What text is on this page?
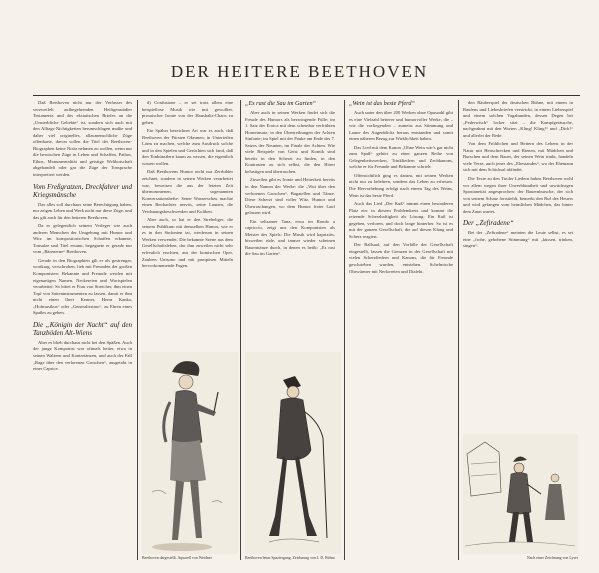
DER HEITERE BEETHOVEN

Daß Beethoven nicht nur der Verfasser des verzweifelt aufbegehrenden Heiligenstädter Testaments und des ekstatischen Briefes an die „Unsterbliche Geliebte“ ist, sondern sich auch mit den Alltags-Nichtigkeiten herumschlagen mußte und daher viel originelles, allzumenschliche Züge offenbarte, davon sollen die Titel der Beethoven-Biographen keine Notiz nehmen zu wollen, wenn nur die heroischen Züge in Leben und Schaffen, Pathos, Ethos, Monumentalität und geistige Weltbotschaft abgehandelt oder gar die Züge der Tonsprache interpretiert werden.

Vom Freßgratzen, Dreckfahrer und Kriegsmänsche

Das alles soll durchaus seine Berechtigung haben, nur zeigen Leben und Werk nicht nur diese Züge, und das gilt auch für den heiteren Beethoven.

Da er gelegentlich seinem Verleger wie auch anderen Menschen der Umgebung mit Humor und Witz im kompositorischen Schaffen erkannte, Tonsalze und Titel ersann, begegnete er gerade nur vom „Bärenerne“ Beethoven.

Gerade in den Biographien gilt er als gestrenger, wortkarg, verschroben, lieb mit Freunden der großen Komponisten: Bekannte und Freunde werden mit eigenartigen Namen, Neckereien und Wortspielen verarbeitet. So bittet er Frau von Streicher, ihm einen Topf von Saiteninstrumenten zu lassen, damit er ihm nicht einen Ihrer Kenner, Herrn Kanka, „Hofmusikus“ oder „Generalissimo“, zu Ehren eines Spaßes zu geben.

Die „Königin der Nacht“ auf den Tanzböden Alt-Wiens

Aber es blieb durchaus nicht bei den Späßen. Auch der junge Komponist war oftmals heiter, etwa in seinen Walzern und Kontretänzen, und auch der Fall „Rage über den verlorenen Groschen“, ausgetobt in einer Caprice.

d) Confusione – er sei trotz allem eine beispiellose Musik wie mit gewollter, prosaischer Ironie von der Haushalts-Chaos zu geben.

Ein Späher bezeichnet Art war es auch, daß Beethoven der Fürsten Okeanen, in Unterteilen Lärm zu machen, welche zum Ausdruck solche und in den Spielen und Gerüchten sich fand, daß den Tonkünstlern kaum zu wissen, die eigentlich wissen wollen.

Daß Beethovens Humor nicht nur Zerrbilder zeichnet, sondern in seinen Werken verarbeitet war, beweisen die aus der letzten Zeit übernommenen, sogenannten Konversationshefte: Seine Wasserscheu machte einen Beobachter nervös, seine Launen, die Verdauungsbeschwerden und Koliken.

Aber auch, so hat er den Strebeliger, die seinem Publikum mit demselben Humor, wie er es in den Sinfonien tat, wiederum in seinen Werken verwendet. Die bekannte Szene aus dem Gesellschaftsleben, das ihm zuweilen nicht sehr erfreulich erschien, aus der komischen Oper, Zaubers Unisono und mit pompösen Mitteln hervorkommende Fugen.

Beethoven dargestellt. Aquarell von Weidner
„Es rast die Sau im Garten“

Aber auch in seinen Werken findet sich die Freude des Humors als bezwingende Fülle: im 1. Satz der Eroica mit dem scheinbar verfrühten Horneinsatz; in den Übertreibungen der Achten Sinfonie; im Spiel mit der Pauke am Ende des 7. Satzes der Neunten, im Finale der Achten. Wie viele Beispiele von Geist und Komik sind bereits in den Scherzi zu finden, in den Kontrasten zu sich selbst, die den Hörer belustigen und überraschen.

Zuweilen gibt es Ironie und Heiterkeit bereits in den Namen der Werke: die „Wut über den verlorenen Groschen“, Bagatellen und Tänze. Diese Scherzi sind voller Witz, Humor und Überraschungen, wo dem Humor freier Lauf gelassen wird.

Ein seltsamer Tanz, etwa im Rondo a capriccio, zeigt uns den Komponisten als Meister des Spiels: Die Musik wird kapriziös, bisweilen rüde, und immer wieder scheinen Bauerntänze durch, in denen es heißt: „Es rast die Sau im Garten“.

Beethoven beim Spaziergang. Zeichnung von J. D. Böhm
„Wein ist das beste Pferd“

Auch unter den über 200 Werken ohne Opuszahl gibt es eine Vielzahl heiterer und humorvoller Werke, die – wie die vorliegenden – zumeist aus Stimmung und Laune des Augenblicks heraus entstanden und somit einen näheren Bezug zur Wirklichkeit haben.

Das Lied mit dem Kanon „Ohne Wein wär's gar nicht zum Spaß“ gehört zu einer ganzen Reihe von Gelegenheitswerken, Trinkliedern und Zechkanons, welche er für Freunde und Bekannte schrieb.

Offensichtlich ging es darum, mit seinen Werken nicht nur zu belehren, sondern das Leben zu erfreuen. Die Hervorhebung erfolgt nach einem Tag des Weins, Wein ist das beste Pferd.

Auch das Lied „Der Kuß“ nimmt einen besonderen Platz ein: in diesem Problemkreis und kommt die reizende Scherzhaftigkeit als Lösung: Ein Kuß ist gegeben, verloren, und doch lange hinterher. So ist es mit der ganzen Gesellschaft, die auf diesen Klang und Scherz reagiert.

Der Ballsaal, auf den Vorfälle der Gesellschaft eingestellt, lassen die Grenzen in der Gesellschaft mit vielen Scherzliedern und Kanons, die für Freunde geschrieben wurden, entstehen. Schelmische Ohrwürmer mit Neckereien und Dialekt.

den Räuberspiel der deutschen Bühne, mit einem in Raufens und Liebesbriefen verstrickt, in einem Liebesspiel und einem solchen Vagabunden, dessen Degen bei „Federwisch“ locker sitzt – die Kampfgeräusche, nachgeahmt mit den Worten „Kling! Kling!“ und „Dick!“ und allerlei der Rede.

Von dem Fröhlichen und Heitern des Lebens in der Natur mit Heuschrecken und Bienen, mit Mädchen und Burschen und dem Bauer, der seinen Wein trinkt, handeln viele Verse, auch jener des „Ehestandes“, wo der Ehemann sich mit dem Schicksal abfindet.

Die Texte zu den Tiroler Liedern haben Beethoven wohl vor allem wegen ihrer Unverblümtheit und urwüchsigen Spontaneität angesprochen: der Bauernbursche, der sich von seinem Schatz fortstiehlt, bemerkt den Ruf des Heuers und wird gefangen vom heimlichen Mädchen, das hinter dem Zaun wartet.

Der „Zefiradene“

Bei der „Zefiradene“ meinten die Leute selbst, es sei eine „frohe, gehobene Stimmung“ mit „küssen, trinken, singen“.

Nach einer Zeichnung von Lyser
